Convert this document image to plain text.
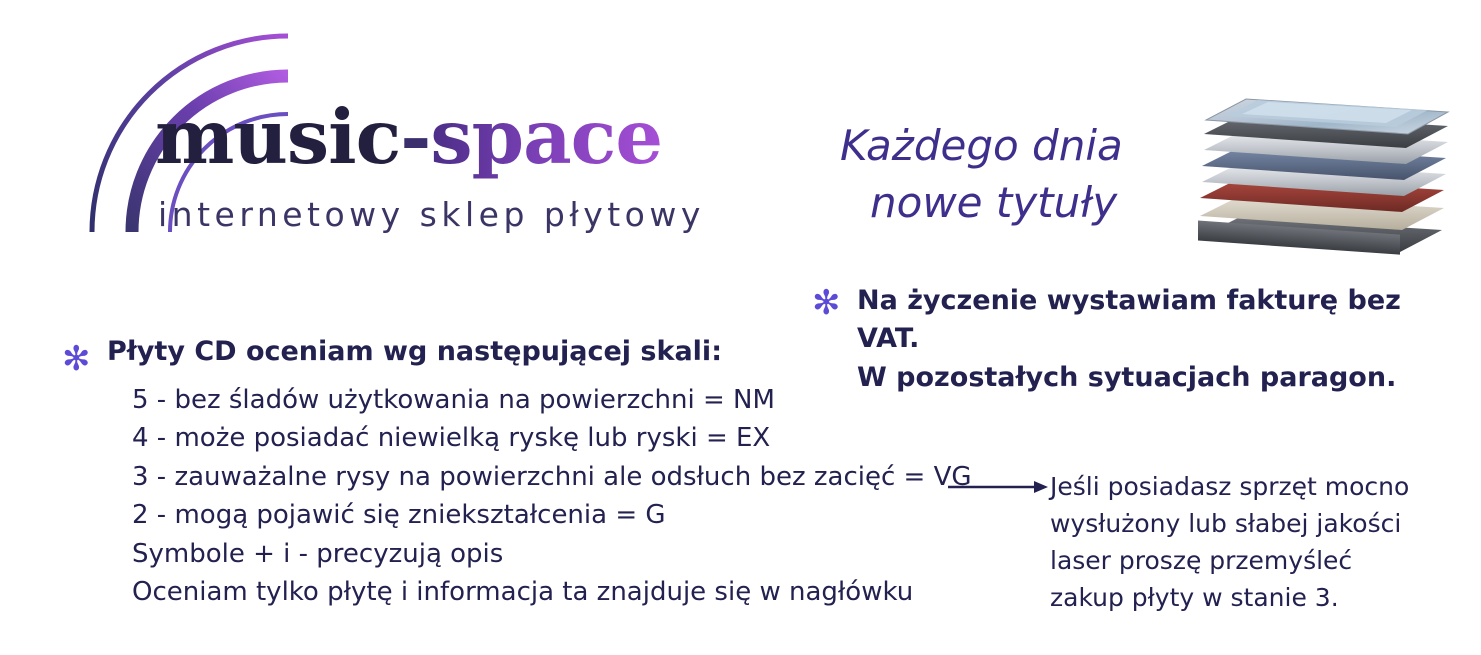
music-space
internetowy sklep płytowy
Każdego dnia
nowe tytuły
✻ Na życzenie wystawiam fakturę bez VAT.
W pozostałych sytuacjach paragon.
✻ Płyty CD oceniam wg następującej skali:
5 - bez śladów użytkowania na powierzchni = NM
4 - może posiadać niewielką ryskę lub ryski = EX
3 - zauważalne rysy na powierzchni ale odsłuch bez zacięć = VG
2 - mogą pojawić się zniekształcenia = G
Symbole + i - precyzują opis
Oceniam tylko płytę i informacja ta znajduje się w nagłówku
Jeśli posiadasz sprzęt mocno
wysłużony lub słabej jakości
laser proszę przemyśleć
zakup płyty w stanie 3.
